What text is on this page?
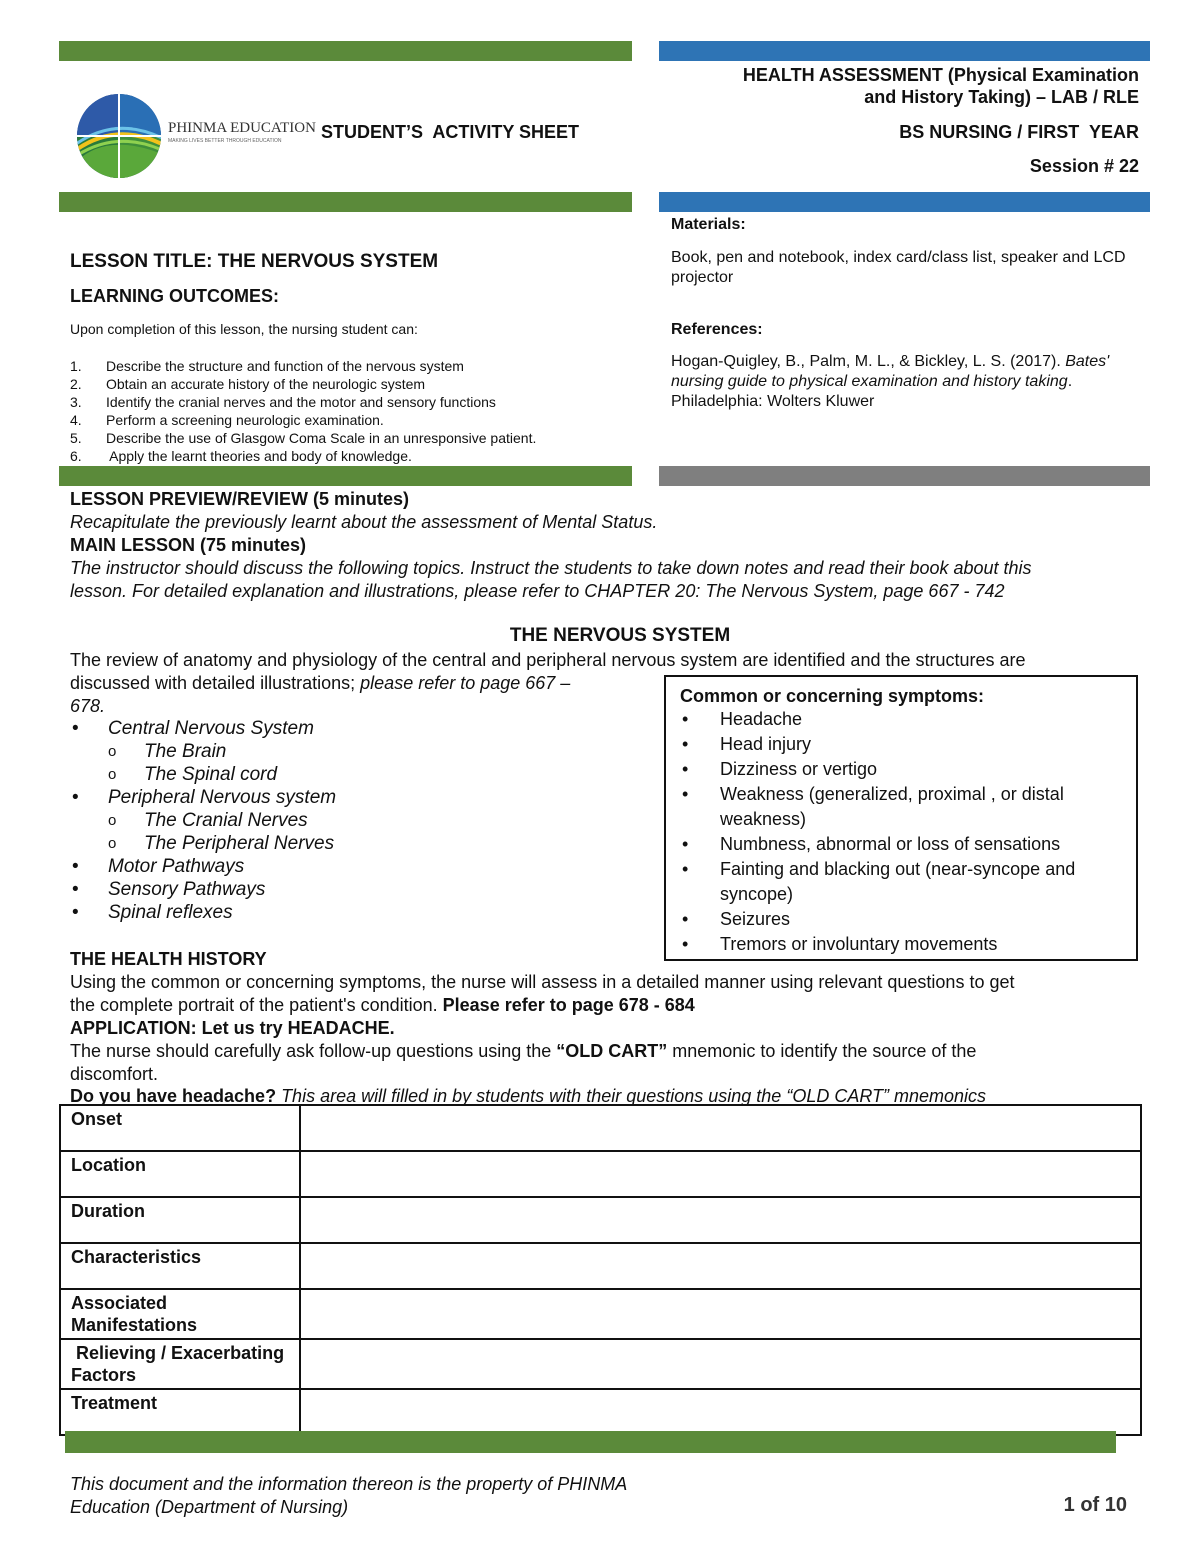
PHINMA EDUCATION
MAKING LIVES BETTER THROUGH EDUCATION STUDENT’S  ACTIVITY SHEET
HEALTH ASSESSMENT (Physical Examination
and History Taking) – LAB / RLE
BS NURSING / FIRST  YEAR
Session # 22
LESSON TITLE: THE NERVOUS SYSTEM
LEARNING OUTCOMES:
Upon completion of this lesson, the nursing student can:
1.	Describe the structure and function of the nervous system
2.	Obtain an accurate history of the neurologic system
3.	Identify the cranial nerves and the motor and sensory functions
4.	Perform a screening neurologic examination.
5.	Describe the use of Glasgow Coma Scale in an unresponsive patient.
6.	Apply the learnt theories and body of knowledge.
Materials:
Book, pen and notebook, index card/class list, speaker and LCD projector
References:
Hogan-Quigley, B., Palm, M. L., & Bickley, L. S. (2017). Bates' nursing guide to physical examination and history taking. Philadelphia: Wolters Kluwer
LESSON PREVIEW/REVIEW (5 minutes)
Recapitulate the previously learnt about the assessment of Mental Status.
MAIN LESSON (75 minutes)
The instructor should discuss the following topics. Instruct the students to take down notes and read their book about this
lesson. For detailed explanation and illustrations, please refer to CHAPTER 20: The Nervous System, page 667 - 742
THE NERVOUS SYSTEM
The review of anatomy and physiology of the central and peripheral nervous system are identified and the structures are
discussed with detailed illustrations; please refer to page 667 –
678.
•	Central Nervous System
o	The Brain
o	The Spinal cord
•	Peripheral Nervous system
o	The Cranial Nerves
o	The Peripheral Nerves
•	Motor Pathways
•	Sensory Pathways
•	Spinal reflexes
Common or concerning symptoms:
•	Headache
•	Head injury
•	Dizziness or vertigo
•	Weakness (generalized, proximal , or distal weakness)
•	Numbness, abnormal or loss of sensations
•	Fainting and blacking out (near-syncope and syncope)
•	Seizures
•	Tremors or involuntary movements
THE HEALTH HISTORY
Using the common or concerning symptoms, the nurse will assess in a detailed manner using relevant questions to get
the complete portrait of the patient's condition. Please refer to page 678 - 684
APPLICATION: Let us try HEADACHE.
The nurse should carefully ask follow-up questions using the “OLD CART” mnemonic to identify the source of the
discomfort.
Do you have headache? This area will filled in by students with their questions using the “OLD CART” mnemonics
Onset	
Location	
Duration	
Characteristics	
Associated Manifestations	
Relieving / Exacerbating Factors	
Treatment	
This document and the information thereon is the property of PHINMA
Education (Department of Nursing)	1 of 10
